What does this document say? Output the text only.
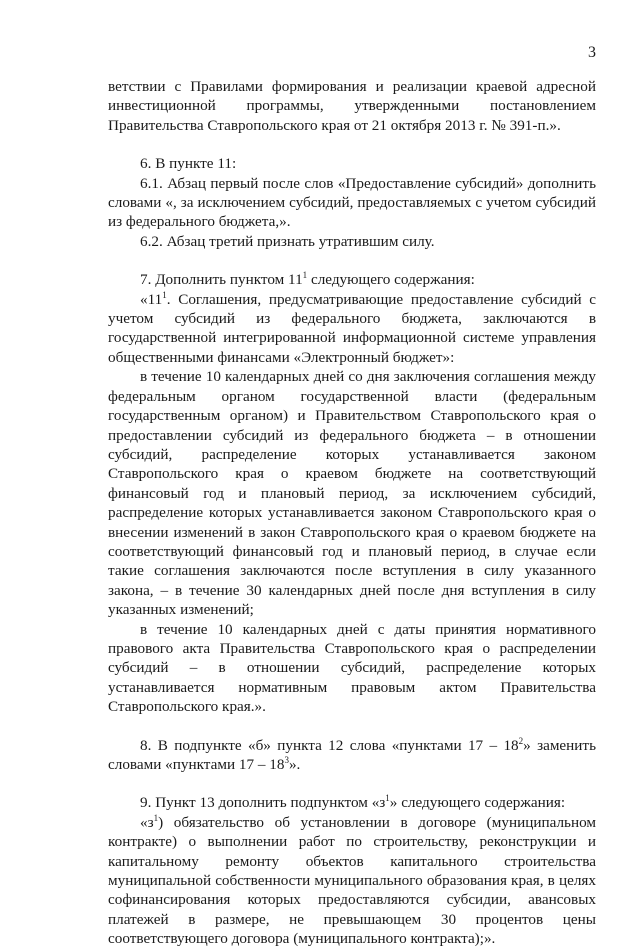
3

ветствии с Правилами формирования и реализации краевой адресной инвестиционной программы, утвержденными постановлением Правительства Ставропольского края от 21 октября 2013 г. № 391-п.».

6. В пункте 11:

6.1. Абзац первый после слов «Предоставление субсидий» дополнить словами «, за исключением субсидий, предоставляемых с учетом субсидий из федерального бюджета,».

6.2. Абзац третий признать утратившим силу.

7. Дополнить пунктом $11^1$ следующего содержания:

«$11^1$. Соглашения, предусматривающие предоставление субсидий с учетом субсидий из федерального бюджета, заключаются в государственной интегрированной информационной системе управления общественными финансами «Электронный бюджет»:

в течение 10 календарных дней со дня заключения соглашения между федеральным органом государственной власти (федеральным государственным органом) и Правительством Ставропольского края о предоставлении субсидий из федерального бюджета – в отношении субсидий, распределение которых устанавливается законом Ставропольского края о краевом бюджете на соответствующий финансовый год и плановый период, за исключением субсидий, распределение которых устанавливается законом Ставропольского края о внесении изменений в закон Ставропольского края о краевом бюджете на соответствующий финансовый год и плановый период, в случае если такие соглашения заключаются после вступления в силу указанного закона, – в течение 30 календарных дней после дня вступления в силу указанных изменений;

в течение 10 календарных дней с даты принятия нормативного правового акта Правительства Ставропольского края о распределении субсидий – в отношении субсидий, распределение которых устанавливается нормативным правовым актом Правительства Ставропольского края.».

8. В подпункте «б» пункта 12 слова «пунктами $17 - 18^2$» заменить словами «пунктами $17 - 18^3$».

9. Пункт 13 дополнить подпунктом «$з^1$» следующего содержания:

«$з^1$) обязательство об установлении в договоре (муниципальном контракте) о выполнении работ по строительству, реконструкции и капитальному ремонту объектов капитального строительства муниципальной собственности муниципального образования края, в целях софинансирования которых предоставляются субсидии, авансовых платежей в размере, не превышающем 30 процентов цены соответствующего договора (муниципального контракта);».
